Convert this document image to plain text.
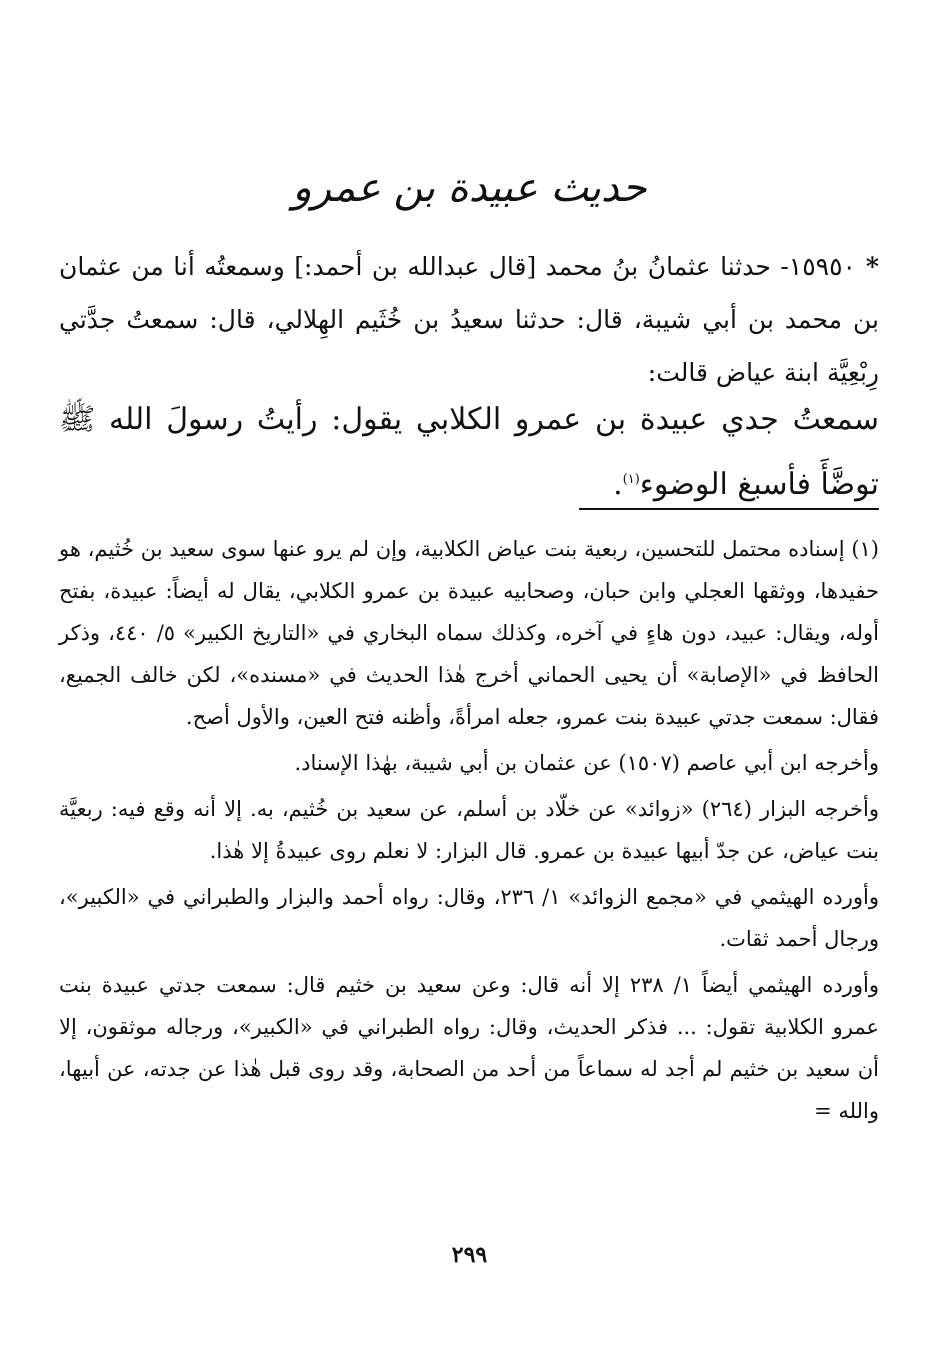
حديث عبيدة بن عمرو
*١٥٩٥٠- حدثنا عثمانُ بنُ محمد [قال عبدالله بن أحمد:] وسمعتُه أنا من عثمان بن محمد بن أبي شيبة، قال: حدثنا سعيدُ بن خُثَيم الهِلالي، قال: سمعتُ جدَّتي رِبْعِيَّة ابنة عياض قالت:
سمعتُ جدي عبيدة بن عمرو الكلابي يقول: رأيتُ رسولَ الله ﷺ توضَّأَ فأسبغ الوضوء$^{(١)}$.

(١) إسناده محتمل للتحسين، ربعية بنت عياض الكلابية، وإن لم يرو عنها سوى سعيد بن خُثيم، هو حفيدها، ووثقها العجلي وابن حبان، وصحابيه عبيدة بن عمرو الكلابي، يقال له أيضاً: عبيدة، بفتح أوله، ويقال: عبيد، دون هاءٍ في آخره، وكذلك سماه البخاري في «التاريخ الكبير» ٥/ ٤٤٠، وذكر الحافظ في «الإصابة» أن يحيى الحماني أخرج هٰذا الحديث في «مسنده»، لكن خالف الجميع، فقال: سمعت جدتي عبيدة بنت عمرو، جعله امرأةً، وأظنه فتح العين، والأول أصح.

وأخرجه ابن أبي عاصم (١٥٠٧) عن عثمان بن أبي شيبة، بهٰذا الإسناد.

وأخرجه البزار (٢٦٤) «زوائد» عن خلّاد بن أسلم، عن سعيد بن خُثيم، به. إلا أنه وقع فيه: ربعيَّة بنت عياض، عن جدّ أبيها عبيدة بن عمرو. قال البزار: لا نعلم روى عبيدةُ إلا هٰذا.

وأورده الهيثمي في «مجمع الزوائد» ١/ ٢٣٦، وقال: رواه أحمد والبزار والطبراني في «الكبير»، ورجال أحمد ثقات.

وأورده الهيثمي أيضاً ١/ ٢٣٨ إلا أنه قال: وعن سعيد بن خثيم قال: سمعت جدتي عبيدة بنت عمرو الكلابية تقول: ... فذكر الحديث، وقال: رواه الطبراني في «الكبير»، ورجاله موثقون، إلا أن سعيد بن خثيم لم أجد له سماعاً من أحد من الصحابة، وقد روى قبل هٰذا عن جدته، عن أبيها، والله =

٢٩٩
